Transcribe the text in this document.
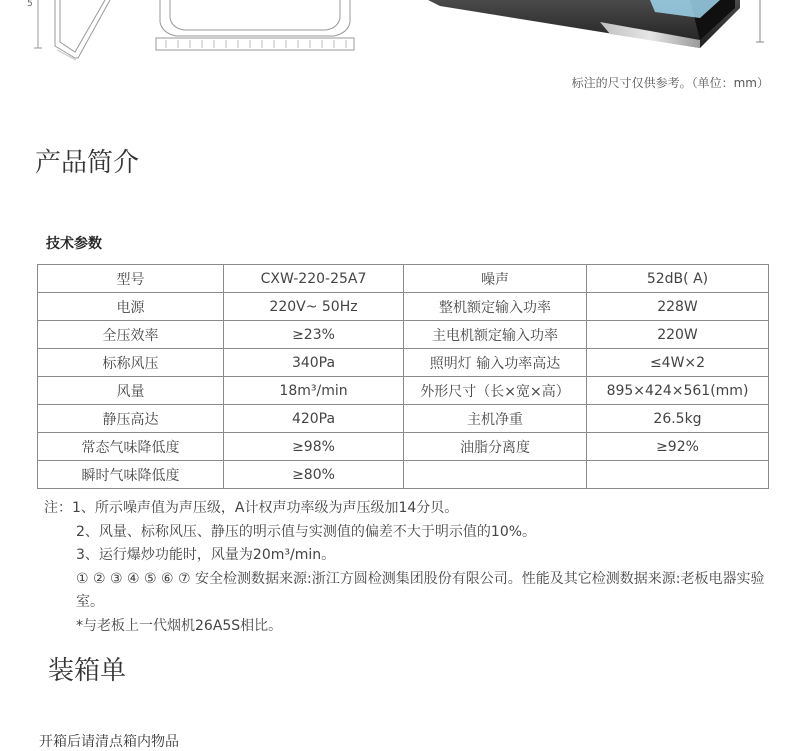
5
标注的尺寸仅供参考。（单位：mm）
产品简介
技术参数
型号	CXW-220-25A7	噪声	52dB( A)
电源	220V~ 50Hz	整机额定输入功率	228W
全压效率	≥23%	主电机额定输入功率	220W
标称风压	340Pa	照明灯 输入功率高达	≤4W×2
风量	18m³/min	外形尺寸（长×宽×高）	895×424×561(mm)
静压高达	420Pa	主机净重	26.5kg
常态气味降低度	≥98%	油脂分离度	≥92%
瞬时气味降低度	≥80%		
注：1、所示噪声值为声压级，A计权声功率级为声压级加14分贝。
2、风量、标称风压、静压的明示值与实测值的偏差不大于明示值的10%。
3、运行爆炒功能时，风量为20m³/min。
① ② ③ ④ ⑤ ⑥ ⑦ 安全检测数据来源:浙江方圆检测集团股份有限公司。性能及其它检测数据来源:老板电器实验室。
*与老板上一代烟机26A5S相比。
装箱单
开箱后请清点箱内物品
